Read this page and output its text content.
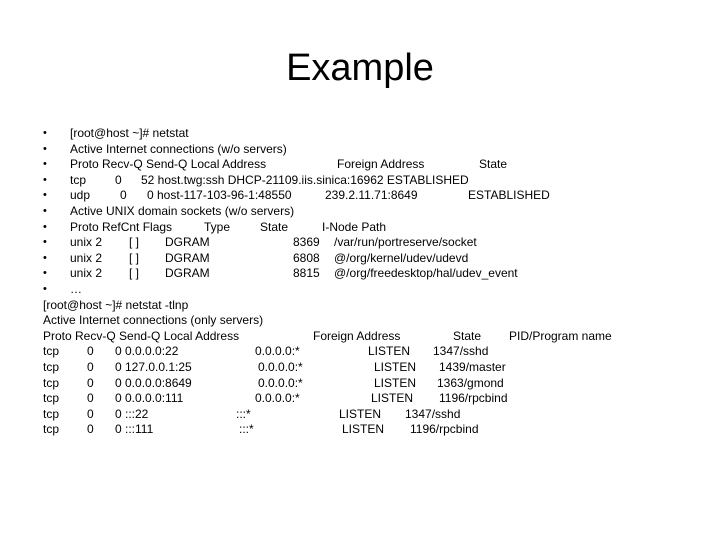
Example
•	[root@host ~]# netstat
•	Active Internet connections (w/o servers)
•	Proto Recv-Q Send-Q Local Address	Foreign Address	State
•	tcp 0 52 host.twg:ssh DHCP-21109.iis.sinica:16962 ESTABLISHED
•	udp 0 0 host-117-103-96-1:48550	239.2.11.71:8649	ESTABLISHED
•	Active UNIX domain sockets (w/o servers)
•	Proto RefCnt Flags	Type State	I-Node Path
•	unix 2 [ ] DGRAM	8369 /var/run/portreserve/socket
•	unix 2 [ ] DGRAM	6808 @/org/kernel/udev/udevd
•	unix 2 [ ] DGRAM	8815 @/org/freedesktop/hal/udev_event
•	…
[root@host ~]# netstat -tlnp
Active Internet connections (only servers)
Proto Recv-Q Send-Q Local Address	Foreign Address	State PID/Program name
tcp 0 0 0.0.0.0:22	0.0.0.0:*	LISTEN 1347/sshd
tcp 0 0 127.0.0.1:25	0.0.0.0:*	LISTEN 1439/master
tcp 0 0 0.0.0.0:8649	0.0.0.0:*	LISTEN 1363/gmond
tcp 0 0 0.0.0.0:111	0.0.0.0:*	LISTEN 1196/rpcbind
tcp 0 0 :::22	:::*	LISTEN 1347/sshd
tcp 0 0 :::111	:::*	LISTEN 1196/rpcbind
